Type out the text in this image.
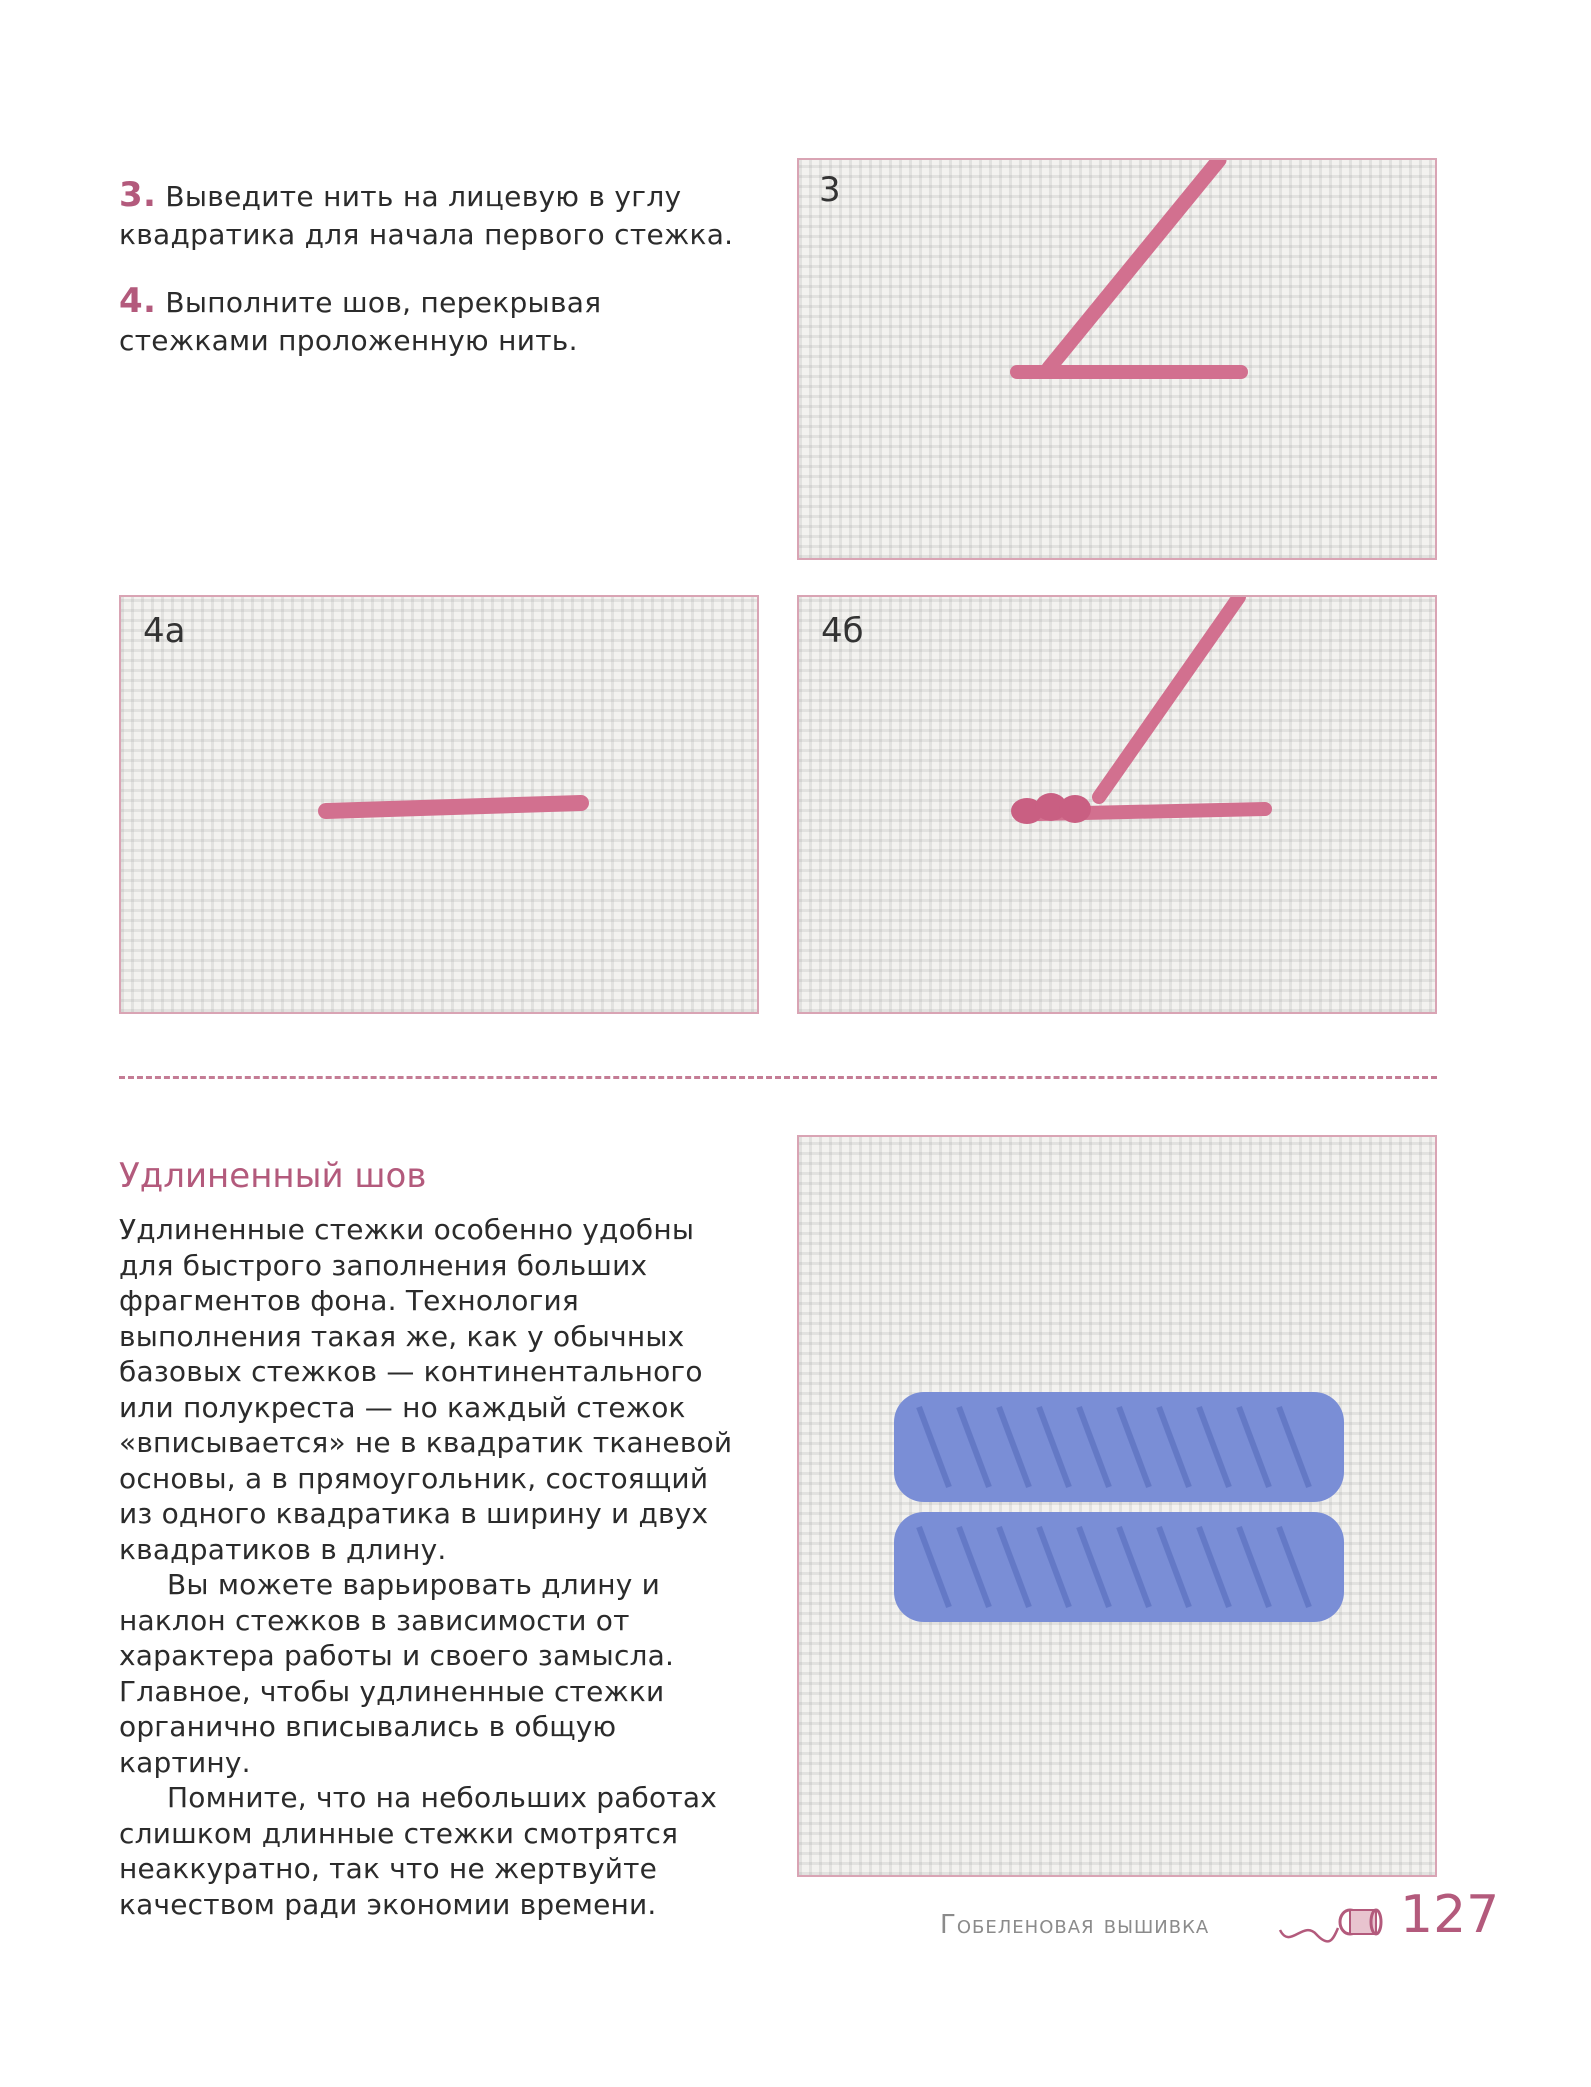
3. Выведите нить на лицевую в углу квадратика для начала первого стежка.

4. Выполните шов, перекрывая стежками проложенную нить.

3
4а	4б
Удлиненный шов

Удлиненные стежки особенно удобны для быстрого заполнения больших фрагментов фона. Технология выполнения такая же, как у обычных базовых стежков — континентального или полукреста — но каждый стежок «вписывается» не в квадратик тканевой основы, а в прямоугольник, состоящий из одного квадратика в ширину и двух квадратиков в длину.

Вы можете варьировать длину и наклон стежков в зависимости от характера работы и своего замысла. Главное, чтобы удлиненные стежки органично вписывались в общую картину.

Помните, что на небольших работах слишком длинные стежки смотрятся неаккуратно, так что не жертвуйте качеством ради экономии времени.

Гобеленовая вышивка	127
